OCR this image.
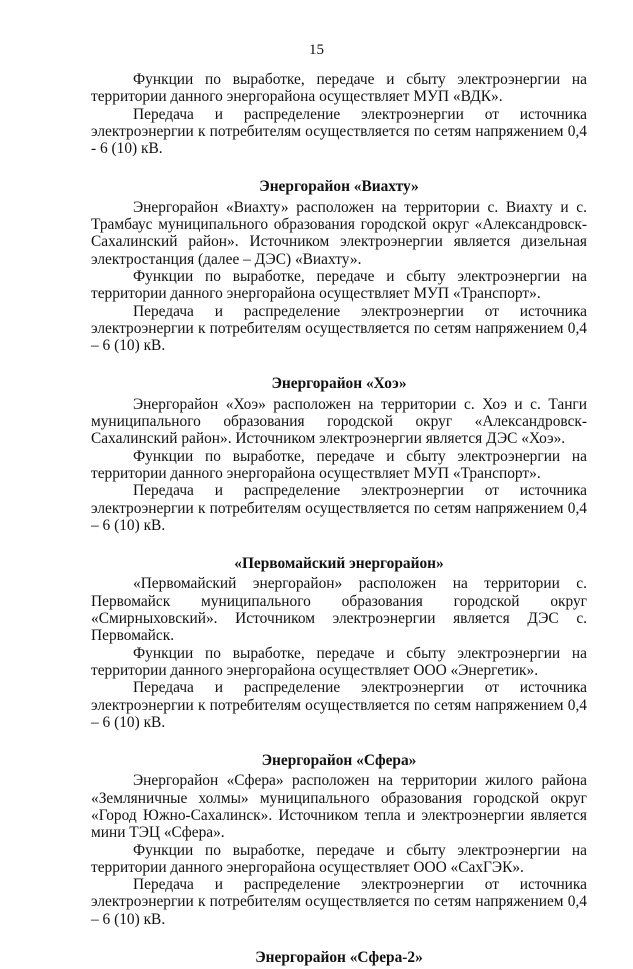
15

Функции по выработке, передаче и сбыту электроэнергии на территории данного энергорайона осуществляет МУП «ВДК».

Передача и распределение электроэнергии от источника электроэнергии к потребителям осуществляется по сетям напряжением 0,4 - 6 (10) кВ.

Энергорайон «Виахту»

Энергорайон «Виахту» расположен на территории с. Виахту и с. Трамбаус муниципального образования городской округ «Александровск-Сахалинский район». Источником электроэнергии является дизельная электростанция (далее – ДЭС) «Виахту».

Функции по выработке, передаче и сбыту электроэнергии на территории данного энергорайона осуществляет МУП «Транспорт».

Передача и распределение электроэнергии от источника электроэнергии к потребителям осуществляется по сетям напряжением 0,4 – 6 (10) кВ.

Энергорайон «Хоэ»

Энергорайон «Хоэ» расположен на территории с. Хоэ и с. Танги муниципального образования городской округ «Александровск-Сахалинский район». Источником электроэнергии является ДЭС «Хоэ».

Функции по выработке, передаче и сбыту электроэнергии на территории данного энергорайона осуществляет МУП «Транспорт».

Передача и распределение электроэнергии от источника электроэнергии к потребителям осуществляется по сетям напряжением 0,4 – 6 (10) кВ.

«Первомайский энергорайон»

«Первомайский энергорайон» расположен на территории с. Первомайск муниципального образования городской округ «Смирныховский». Источником электроэнергии является ДЭС с. Первомайск.

Функции по выработке, передаче и сбыту электроэнергии на территории данного энергорайона осуществляет ООО «Энергетик».

Передача и распределение электроэнергии от источника электроэнергии к потребителям осуществляется по сетям напряжением 0,4 – 6 (10) кВ.

Энергорайон «Сфера»

Энергорайон «Сфера» расположен на территории жилого района «Земляничные холмы» муниципального образования городской округ «Город Южно-Сахалинск». Источником тепла и электроэнергии является мини ТЭЦ «Сфера».

Функции по выработке, передаче и сбыту электроэнергии на территории данного энергорайона осуществляет ООО «СахГЭК».

Передача и распределение электроэнергии от источника электроэнергии к потребителям осуществляется по сетям напряжением 0,4 – 6 (10) кВ.

Энергорайон «Сфера-2»
